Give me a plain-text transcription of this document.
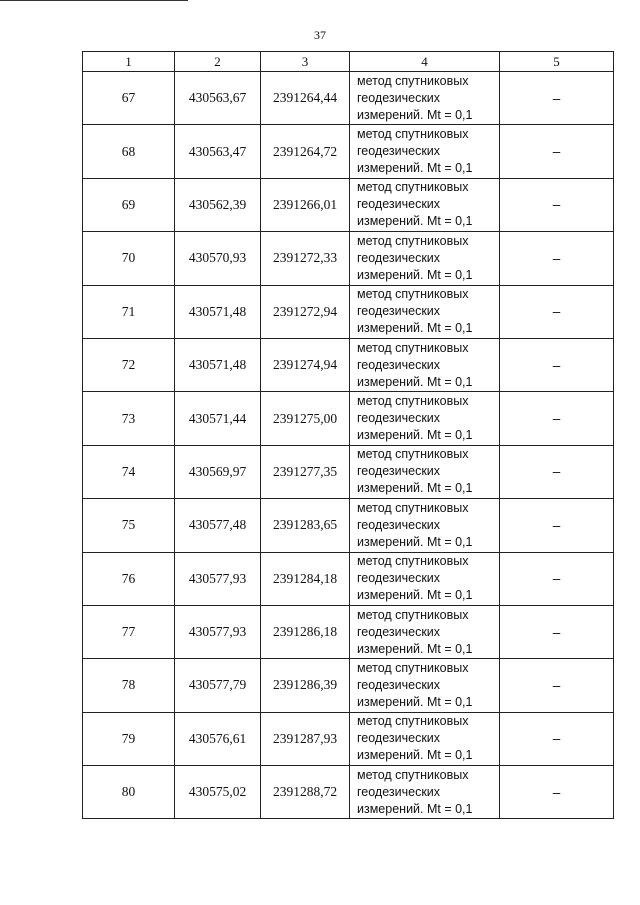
37
1	2	3	4	5
67	430563,67	2391264,44	метод спутниковых
геодезических
измерений. Mt = 0,1	–
68	430563,47	2391264,72	метод спутниковых
геодезических
измерений. Mt = 0,1	–
69	430562,39	2391266,01	метод спутниковых
геодезических
измерений. Mt = 0,1	–
70	430570,93	2391272,33	метод спутниковых
геодезических
измерений. Mt = 0,1	–
71	430571,48	2391272,94	метод спутниковых
геодезических
измерений. Mt = 0,1	–
72	430571,48	2391274,94	метод спутниковых
геодезических
измерений. Mt = 0,1	–
73	430571,44	2391275,00	метод спутниковых
геодезических
измерений. Mt = 0,1	–
74	430569,97	2391277,35	метод спутниковых
геодезических
измерений. Mt = 0,1	–
75	430577,48	2391283,65	метод спутниковых
геодезических
измерений. Mt = 0,1	–
76	430577,93	2391284,18	метод спутниковых
геодезических
измерений. Mt = 0,1	–
77	430577,93	2391286,18	метод спутниковых
геодезических
измерений. Mt = 0,1	–
78	430577,79	2391286,39	метод спутниковых
геодезических
измерений. Mt = 0,1	–
79	430576,61	2391287,93	метод спутниковых
геодезических
измерений. Mt = 0,1	–
80	430575,02	2391288,72	метод спутниковых
геодезических
измерений. Mt = 0,1	–
